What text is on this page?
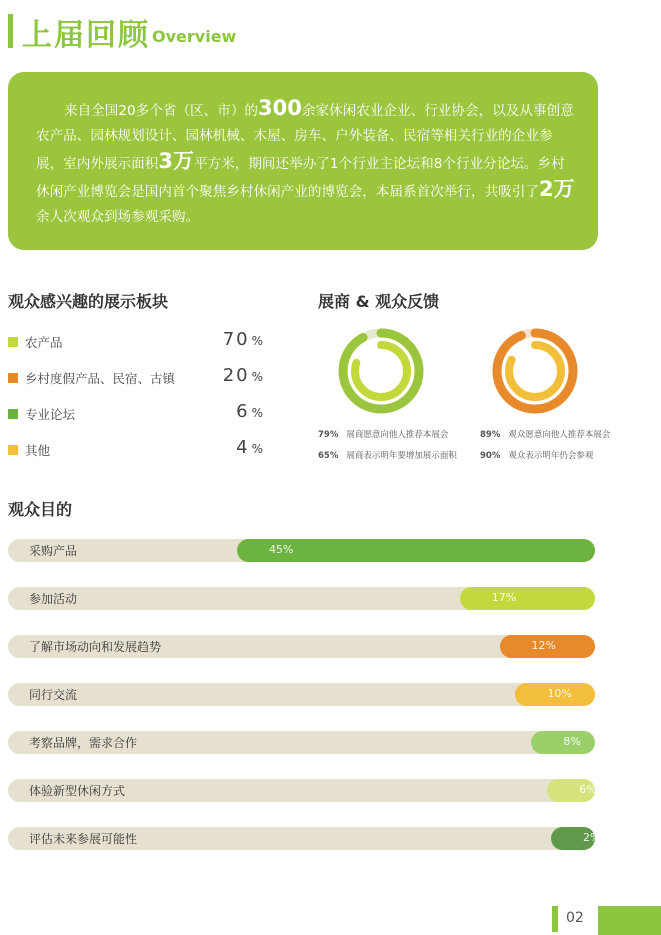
上届回顾 Overview
来自全国20多个省（区、市）的300余家休闲农业企业、行业协会，以及从事创意农产品、园林规划设计、园林机械、木屋、房车、户外装备、民宿等相关行业的企业参展，室内外展示面积3万平方米，期间还举办了1个行业主论坛和8个行业分论坛。乡村休闲产业博览会是国内首个聚焦乡村休闲产业的博览会，本届系首次举行，共吸引了2万余人次观众到场参观采购。
观众感兴趣的展示板块
农产品	70 %
乡村度假产品、民宿、古镇	20 %
专业论坛	6 %
其他	4 %
展商 & 观众反馈
79% 展商愿意向他人推荐本展会
65% 展商表示明年要增加展示面积
89% 观众愿意向他人推荐本展会
90% 观众表示明年仍会参观
观众目的
采购产品	45%
参加活动	17%
了解市场动向和发展趋势	12%
同行交流	10%
考察品牌，需求合作	8%
体验新型休闲方式	6%
评估未来参展可能性	2%
02
